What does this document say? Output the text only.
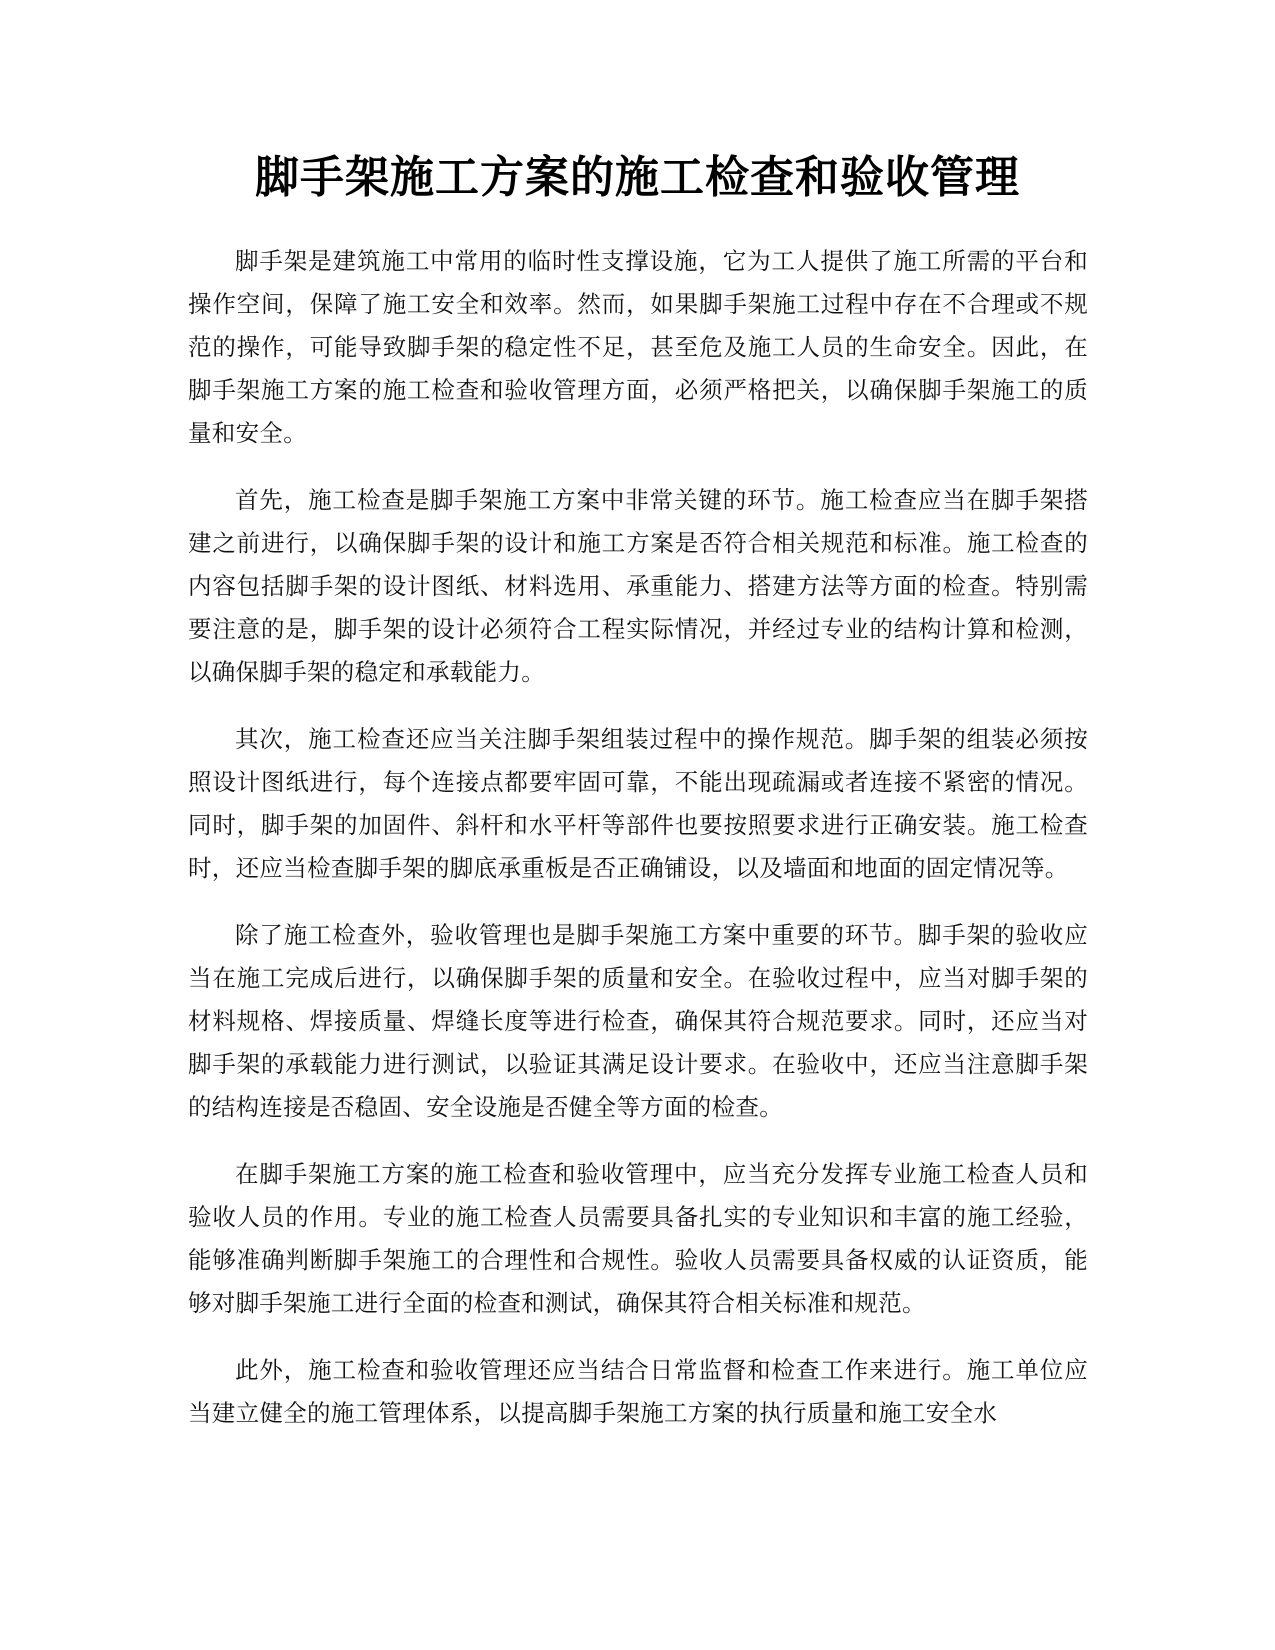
脚手架施工方案的施工检查和验收管理

脚手架是建筑施工中常用的临时性支撑设施，它为工人提供了施工所需的平台和操作空间，保障了施工安全和效率。然而，如果脚手架施工过程中存在不合理或不规范的操作，可能导致脚手架的稳定性不足，甚至危及施工人员的生命安全。因此，在脚手架施工方案的施工检查和验收管理方面，必须严格把关，以确保脚手架施工的质量和安全。

首先，施工检查是脚手架施工方案中非常关键的环节。施工检查应当在脚手架搭建之前进行，以确保脚手架的设计和施工方案是否符合相关规范和标准。施工检查的内容包括脚手架的设计图纸、材料选用、承重能力、搭建方法等方面的检查。特别需要注意的是，脚手架的设计必须符合工程实际情况，并经过专业的结构计算和检测，以确保脚手架的稳定和承载能力。

其次，施工检查还应当关注脚手架组装过程中的操作规范。脚手架的组装必须按照设计图纸进行，每个连接点都要牢固可靠，不能出现疏漏或者连接不紧密的情况。同时，脚手架的加固件、斜杆和水平杆等部件也要按照要求进行正确安装。施工检查时，还应当检查脚手架的脚底承重板是否正确铺设，以及墙面和地面的固定情况等。

除了施工检查外，验收管理也是脚手架施工方案中重要的环节。脚手架的验收应当在施工完成后进行，以确保脚手架的质量和安全。在验收过程中，应当对脚手架的材料规格、焊接质量、焊缝长度等进行检查，确保其符合规范要求。同时，还应当对脚手架的承载能力进行测试，以验证其满足设计要求。在验收中，还应当注意脚手架的结构连接是否稳固、安全设施是否健全等方面的检查。

在脚手架施工方案的施工检查和验收管理中，应当充分发挥专业施工检查人员和验收人员的作用。专业的施工检查人员需要具备扎实的专业知识和丰富的施工经验，能够准确判断脚手架施工的合理性和合规性。验收人员需要具备权威的认证资质，能够对脚手架施工进行全面的检查和测试，确保其符合相关标准和规范。

此外，施工检查和验收管理还应当结合日常监督和检查工作来进行。施工单位应当建立健全的施工管理体系，以提高脚手架施工方案的执行质量和施工安全水
